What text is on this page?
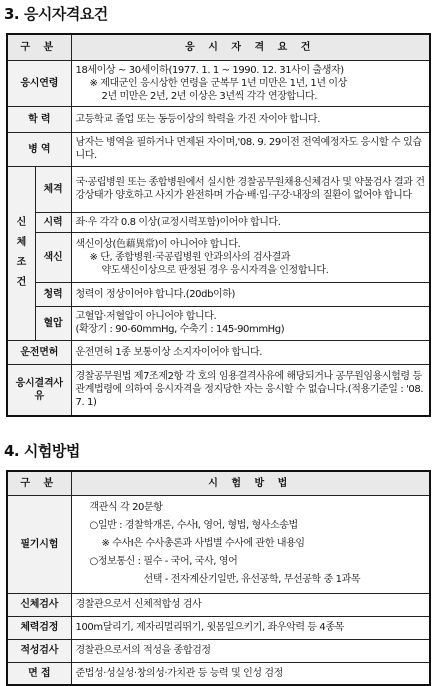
3. 응시자격요건
구 분		응 시 자 격 요 건
응시연령		18세이상 ~ 30세이하(1977. 1. 1 ~ 1990. 12. 31사이 출생자)
※ 제대군인 응시상한 연령을 군복무 1년 미만은 1년, 1년 이상
2년 미만은 2년, 2년 이상은 3년씩 각각 연장합니다.

학 력		고등학교 졸업 또는 동등이상의 학력을 가진 자이야 합니다.
병 역		남자는 병역을 필하거나 면제된 자이며,'08. 9. 29이전 전역예정자도 응시할 수 있습니다.

신 체 조 건	체격	국·공립병원 또는 종합병원에서 실시한 경찰공무원채용신체검사 및 약물검사 결과 건강상태가 양호하고 사지가 완전하며 가슴·배·입·구강·내장의 질환이 없어야 합니다
	시력	좌·우 각각 0.8 이상(교정시력포함)이어야 합니다.
	색신	색신이상(色藉異常)이 아니어야 합니다.
※ 단, 종합병원·국공립병원 안과의사의 검사결과
약도색신이상으로 판정된 경우 응시자격을 인정합니다.

	청력	청력이 정상이어야 합니다.(20db이하)
	혈압	고혈압·저혈압이 아니어야 합니다.
(확장기 : 90-60mmHg, 수축기 : 145-90mmHg)

운전면허		운전면허 1종 보통이상 소지자이어야 합니다.
응시결격사유		경찰공무원법 제7조제2항 각 호의 임용결격사유에 해당되거나 공무원임용시험령 등 관계법령에 의하여 응시자격을 정지당한 자는 응시할 수 없습니다.(적용기준일 : '08. 7. 1)
4. 시험방법
구 분	시 험 방 법
필기시험	객관식 각 20문항
○일반 : 경찰학개론, 수사Ⅰ, 영어, 형법, 형사소송법
※ 수사Ⅰ은 수사총론과 사법별 수사에 관한 내용임
○정보통신 : 필수 - 국어, 국사, 영어
선택 - 전자계산기일반, 유선공학, 무선공학 중 1과목

신체검사	경찰관으로서 신체적합성 검사
체력검정	100m달리기, 제자리멀리뛰기, 윗몸일으키기, 좌우악력 등 4종목
적성검사	경찰관으로서의 적성을 종합검정
면 접	준법성·성실성·창의성·가치관 등 능력 및 인성 검정
